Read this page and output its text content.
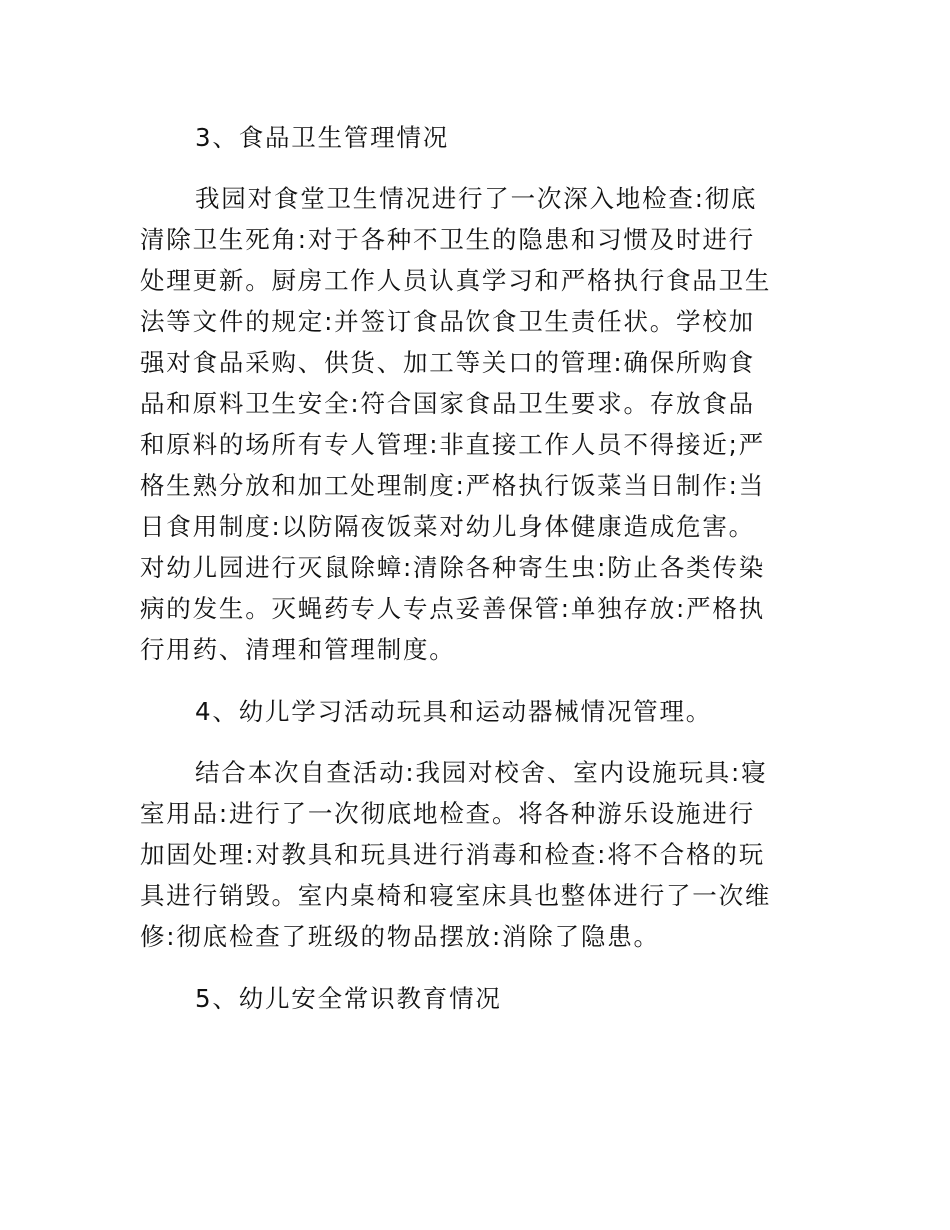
3、食品卫生管理情况
我园对食堂卫生情况进行了一次深入地检查:彻底
清除卫生死角:对于各种不卫生的隐患和习惯及时进行
处理更新。厨房工作人员认真学习和严格执行食品卫生
法等文件的规定:并签订食品饮食卫生责任状。学校加
强对食品采购、供货、加工等关口的管理:确保所购食
品和原料卫生安全:符合国家食品卫生要求。存放食品
和原料的场所有专人管理:非直接工作人员不得接近;严
格生熟分放和加工处理制度:严格执行饭菜当日制作:当
日食用制度:以防隔夜饭菜对幼儿身体健康造成危害。
对幼儿园进行灭鼠除蟑:清除各种寄生虫:防止各类传染
病的发生。灭蝇药专人专点妥善保管:单独存放:严格执
行用药、清理和管理制度。
4、幼儿学习活动玩具和运动器械情况管理。
结合本次自查活动:我园对校舍、室内设施玩具:寝
室用品:进行了一次彻底地检查。将各种游乐设施进行
加固处理:对教具和玩具进行消毒和检查:将不合格的玩
具进行销毁。室内桌椅和寝室床具也整体进行了一次维
修:彻底检查了班级的物品摆放:消除了隐患。
5、幼儿安全常识教育情况
